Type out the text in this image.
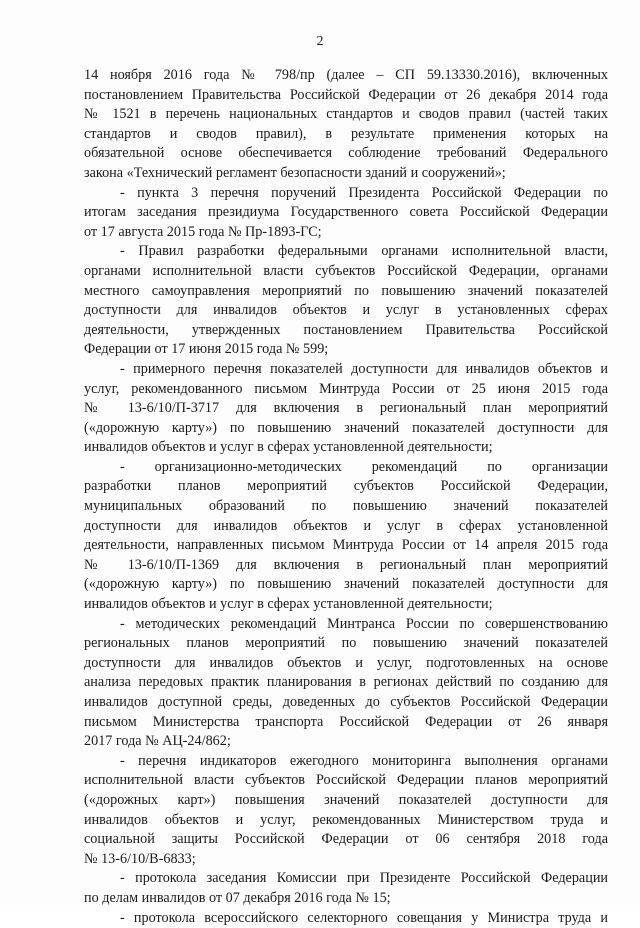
2
14 ноября 2016 года № 798/пр (далее – СП 59.13330.2016), включенных
постановлением Правительства Российской Федерации от 26 декабря 2014 года
№ 1521 в перечень национальных стандартов и сводов правил (частей таких
стандартов и сводов правил), в результате применения которых на
обязательной основе обеспечивается соблюдение требований Федерального
закона «Технический регламент безопасности зданий и сооружений»;
- пункта 3 перечня поручений Президента Российской Федерации по
итогам заседания президиума Государственного совета Российской Федерации
от 17 августа 2015 года № Пр-1893-ГС;
- Правил разработки федеральными органами исполнительной власти,
органами исполнительной власти субъектов Российской Федерации, органами
местного самоуправления мероприятий по повышению значений показателей
доступности для инвалидов объектов и услуг в установленных сферах
деятельности, утвержденных постановлением Правительства Российской
Федерации от 17 июня 2015 года № 599;
- примерного перечня показателей доступности для инвалидов объектов и
услуг, рекомендованного письмом Минтруда России от 25 июня 2015 года
№ 13-6/10/П-3717 для включения в региональный план мероприятий
(«дорожную карту») по повышению значений показателей доступности для
инвалидов объектов и услуг в сферах установленной деятельности;
- организационно-методических рекомендаций по организации
разработки планов мероприятий субъектов Российской Федерации,
муниципальных образований по повышению значений показателей
доступности для инвалидов объектов и услуг в сферах установленной
деятельности, направленных письмом Минтруда России от 14 апреля 2015 года
№ 13-6/10/П-1369 для включения в региональный план мероприятий
(«дорожную карту») по повышению значений показателей доступности для
инвалидов объектов и услуг в сферах установленной деятельности;
- методических рекомендаций Минтранса России по совершенствованию
региональных планов мероприятий по повышению значений показателей
доступности для инвалидов объектов и услуг, подготовленных на основе
анализа передовых практик планирования в регионах действий по созданию для
инвалидов доступной среды, доведенных до субъектов Российской Федерации
письмом Министерства транспорта Российской Федерации от 26 января
2017 года № АЦ-24/862;
- перечня индикаторов ежегодного мониторинга выполнения органами
исполнительной власти субъектов Российской Федерации планов мероприятий
(«дорожных карт») повышения значений показателей доступности для
инвалидов объектов и услуг, рекомендованных Министерством труда и
социальной защиты Российской Федерации от 06 сентября 2018 года
№ 13-6/10/В-6833;
- протокола заседания Комиссии при Президенте Российской Федерации
по делам инвалидов от 07 декабря 2016 года № 15;
- протокола всероссийского селекторного совещания у Министра труда и
